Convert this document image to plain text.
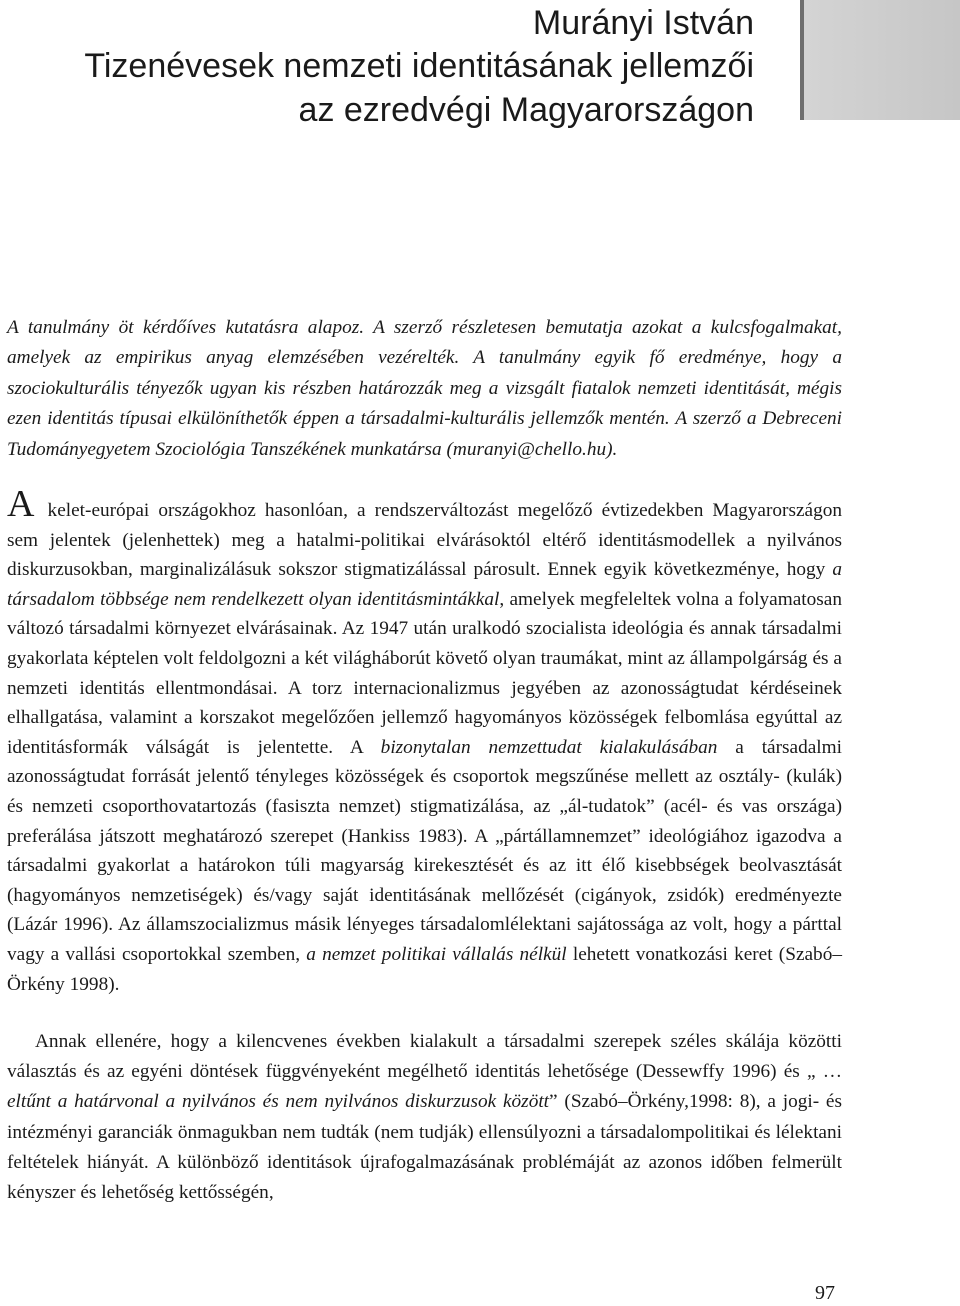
Murányi István
Tizenévesek nemzeti identitásának jellemzői
az ezredvégi Magyarországon

A tanulmány öt kérdőíves kutatásra alapoz. A szerző részletesen bemutatja azokat a kulcsfogalmakat, amelyek az empirikus anyag elemzésében vezérelték. A tanulmány egyik fő eredménye, hogy a szociokulturális tényezők ugyan kis részben határozzák meg a vizsgált fiatalok nemzeti identitását, mégis ezen identitás típusai elkülöníthetők éppen a társadalmi-kulturális jellemzők mentén. A szerző a Debreceni Tudományegyetem Szociológia Tanszékének munkatársa (muranyi@chello.hu).

A kelet-európai országokhoz hasonlóan, a rendszerváltozást megelőző évtizedekben Magyarországon sem jelentek (jelenhettek) meg a hatalmi-politikai elvárásoktól eltérő identitásmodellek a nyilvános diskurzusokban, marginalizálásuk sokszor stigmatizálással párosult. Ennek egyik következménye, hogy a társadalom többsége nem rendelkezett olyan identitásmintákkal, amelyek megfeleltek volna a folyamatosan változó társadalmi környezet elvárásainak. Az 1947 után uralkodó szocialista ideológia és annak társadalmi gyakorlata képtelen volt feldolgozni a két világháborút követő olyan traumákat, mint az állampolgárság és a nemzeti identitás ellentmondásai. A torz internacionalizmus jegyében az azonosságtudat kérdéseinek elhallgatása, valamint a korszakot megelőzően jellemző hagyományos közösségek felbomlása egyúttal az identitásformák válságát is jelentette. A bizonytalan nemzettudat kialakulásában a társadalmi azonosságtudat forrását jelentő tényleges közösségek és csoportok megszűnése mellett az osztály- (kulák) és nemzeti csoporthovatartozás (fasiszta nemzet) stigmatizálása, az „ál-tudatok” (acél- és vas országa) preferálása játszott meghatározó szerepet (Hankiss 1983). A „pártállamnemzet” ideológiához igazodva a társadalmi gyakorlat a határokon túli magyarság kirekesztését és az itt élő kisebbségek beolvasztását (hagyományos nemzetiségek) és/vagy saját identitásának mellőzését (cigányok, zsidók) eredményezte (Lázár 1996). Az államszocializmus másik lényeges társadalomlélektani sajátossága az volt, hogy a párttal vagy a vallási csoportokkal szemben, a nemzet politikai vállalás nélkül lehetett vonatkozási keret (Szabó–Örkény 1998).

Annak ellenére, hogy a kilencvenes években kialakult a társadalmi szerepek széles skálája közötti választás és az egyéni döntések függvényeként megélhető identitás lehetősége (Dessewffy 1996) és „ …eltűnt a határvonal a nyilvános és nem nyilvános diskurzusok között” (Szabó–Örkény,1998: 8), a jogi- és intézményi garanciák önmagukban nem tudták (nem tudják) ellensúlyozni a társadalompolitikai és lélektani feltételek hiányát. A különböző identitások újrafogalmazásának problémáját az azonos időben felmerült kényszer és lehetőség kettősségén,

97
